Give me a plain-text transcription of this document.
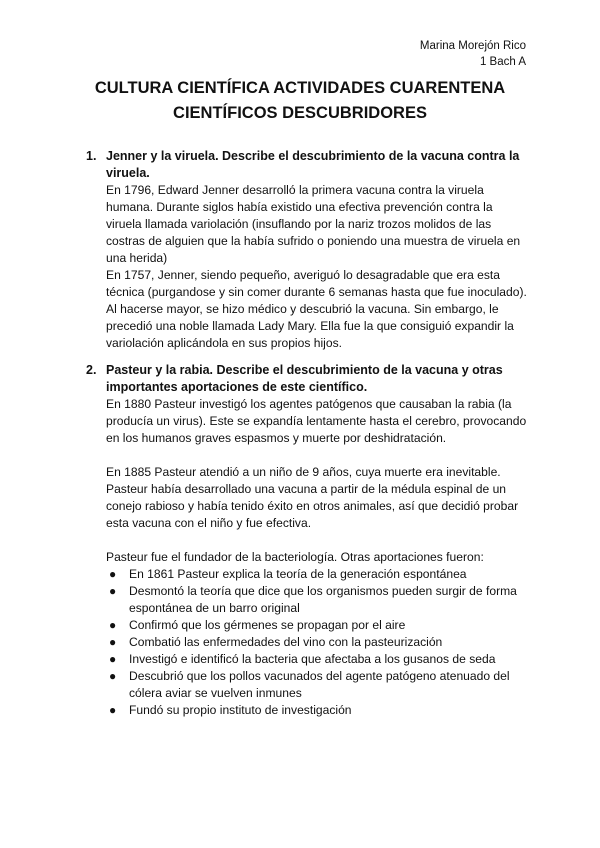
Marina Morejón Rico
1 Bach A
CULTURA CIENTÍFICA ACTIVIDADES CUARENTENA
CIENTÍFICOS DESCUBRIDORES
1. Jenner y la viruela. Describe el descubrimiento de la vacuna contra la viruela.

En 1796, Edward Jenner desarrolló la primera vacuna contra la viruela humana. Durante siglos había existido una efectiva prevención contra la viruela llamada variolación (insuflando por la nariz trozos molidos de las costras de alguien que la había sufrido o poniendo una muestra de viruela en una herida)

En 1757, Jenner, siendo pequeño, averiguó lo desagradable que era esta técnica (purgandose y sin comer durante 6 semanas hasta que fue inoculado). Al hacerse mayor, se hizo médico y descubrió la vacuna. Sin embargo, le precedió una noble llamada Lady Mary. Ella fue la que consiguió expandir la variolación aplicándola en sus propios hijos.

2. Pasteur y la rabia. Describe el descubrimiento de la vacuna y otras importantes aportaciones de este científico.

En 1880 Pasteur investigó los agentes patógenos que causaban la rabia (la producía un virus). Este se expandía lentamente hasta el cerebro, provocando en los humanos graves espasmos y muerte por deshidratación.

En 1885 Pasteur atendió a un niño de 9 años, cuya muerte era inevitable. Pasteur había desarrollado una vacuna a partir de la médula espinal de un conejo rabioso y había tenido éxito en otros animales, así que decidió probar esta vacuna con el niño y fue efectiva.

Pasteur fue el fundador de la bacteriología. Otras aportaciones fueron:

● En 1861 Pasteur explica la teoría de la generación espontánea
● Desmontó la teoría que dice que los organismos pueden surgir de forma espontánea de un barro original
● Confirmó que los gérmenes se propagan por el aire
● Combatió las enfermedades del vino con la pasteurización
● Investigó e identificó la bacteria que afectaba a los gusanos de seda
● Descubrió que los pollos vacunados del agente patógeno atenuado del cólera aviar se vuelven inmunes
● Fundó su propio instituto de investigación
